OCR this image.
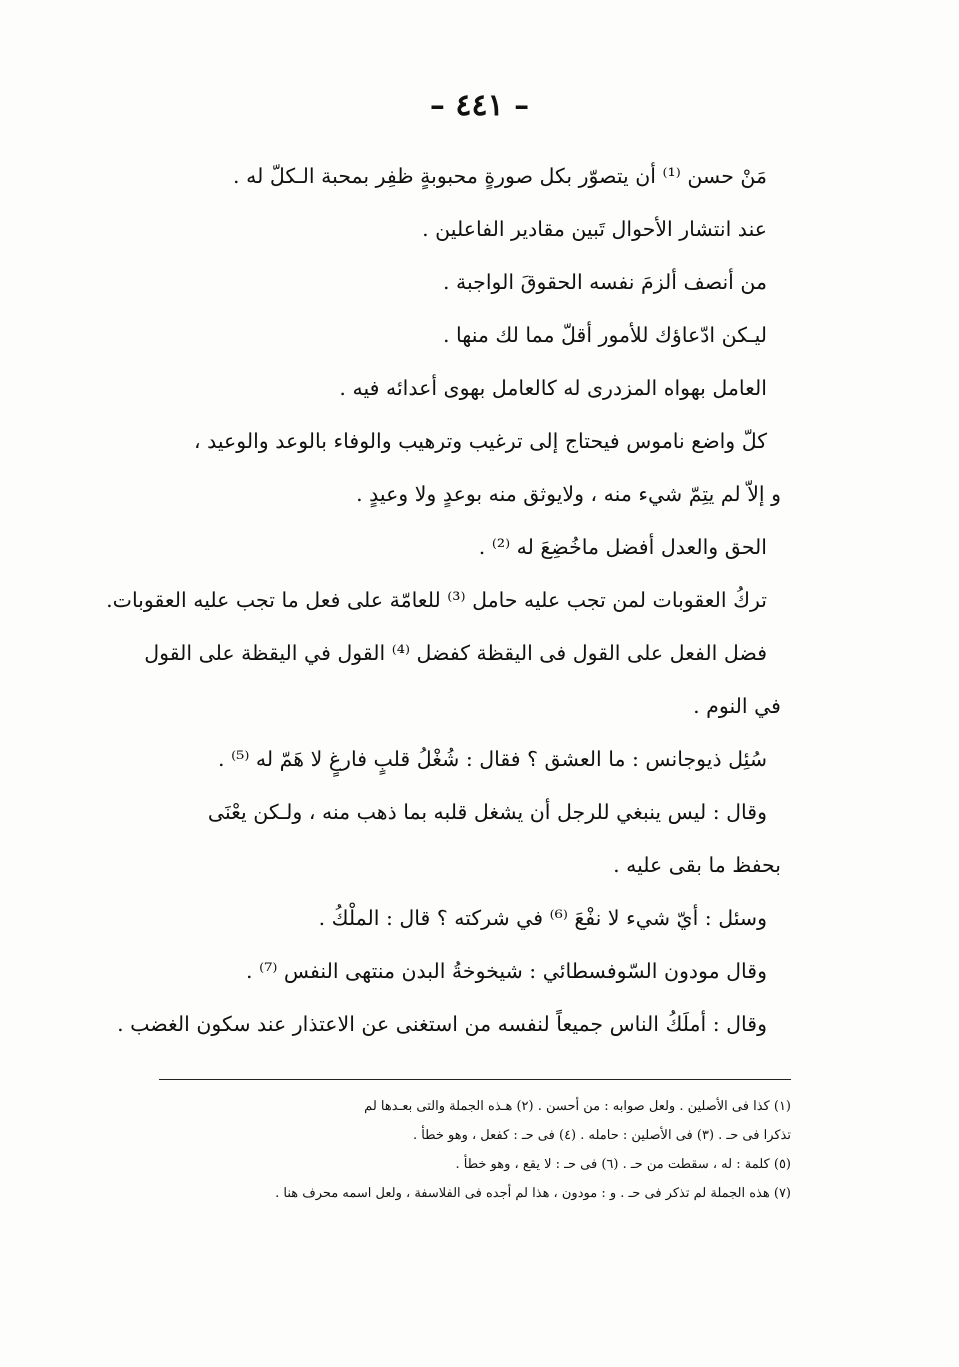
– ٤٤١ –
مَنْ حسن ⁽¹⁾ أن يتصوّر بكل صورةٍ محبوبةٍ ظفِر بمحبة الـكلّ له .
عند انتشار الأحوال تَبين مقادير الفاعلين .
من أنصف ألزمَ نفسه الحقوقَ الواجبة .
ليـكن ادّعاؤك للأمور أقلّ مما لك منها .
العامل بهواه المزدرى له كالعامل بهوى أعدائه فيه .
كلّ واضع ناموس فيحتاج إلى ترغيب وترهيب والوفاء بالوعد والوعيد ،
و إلاّ لم يتِمّ شيء منه ، ولايوثق منه بوعدٍ ولا وعيدٍ .
الحق والعدل أفضل ماخُضِعَ له ⁽²⁾ .
تركُ العقوبات لمن تجب عليه حامل ⁽³⁾ للعامّة على فعل ما تجب عليه العقوبات.
فضل الفعل على القول فى اليقظة كفضل ⁽⁴⁾ القول في اليقظة على القول
في النوم .
سُئِل ذيوجانس : ما العشق ؟ فقال : شُغْلُ قلبٍ فارغٍ لا هَمّ له ⁽⁵⁾ .
وقال : ليس ينبغي للرجل أن يشغل قلبه بما ذهب منه ، ولـكن يعْنَى
بحفظ ما بقى عليه .
وسئل : أيّ شيء لا نفْعَ ⁽⁶⁾ في شركته ؟ قال : الملْكُ .
وقال مودون السّوفسطائي : شيخوخةُ البدن منتهى النفس ⁽⁷⁾ .
وقال : أملَكُ الناس جميعاً لنفسه من استغنى عن الاعتذار عند سكون الغضب .
(١) كذا فى الأصلين . ولعل صوابه : من أحسن . (٢) هـذه الجملة والتى بعـدها لم
تذكرا فى حـ . (٣) فى الأصلين : حامله . (٤) فى حـ : كفعل ، وهو خطأ .
(٥) كلمة : له ، سقطت من حـ . (٦) فى حـ : لا يقع ، وهو خطأ .
(٧) هذه الجملة لم تذكر فى حـ . و : مودون ، هذا لم أجده فى الفلاسفة ، ولعل اسمه محرف هنا .
